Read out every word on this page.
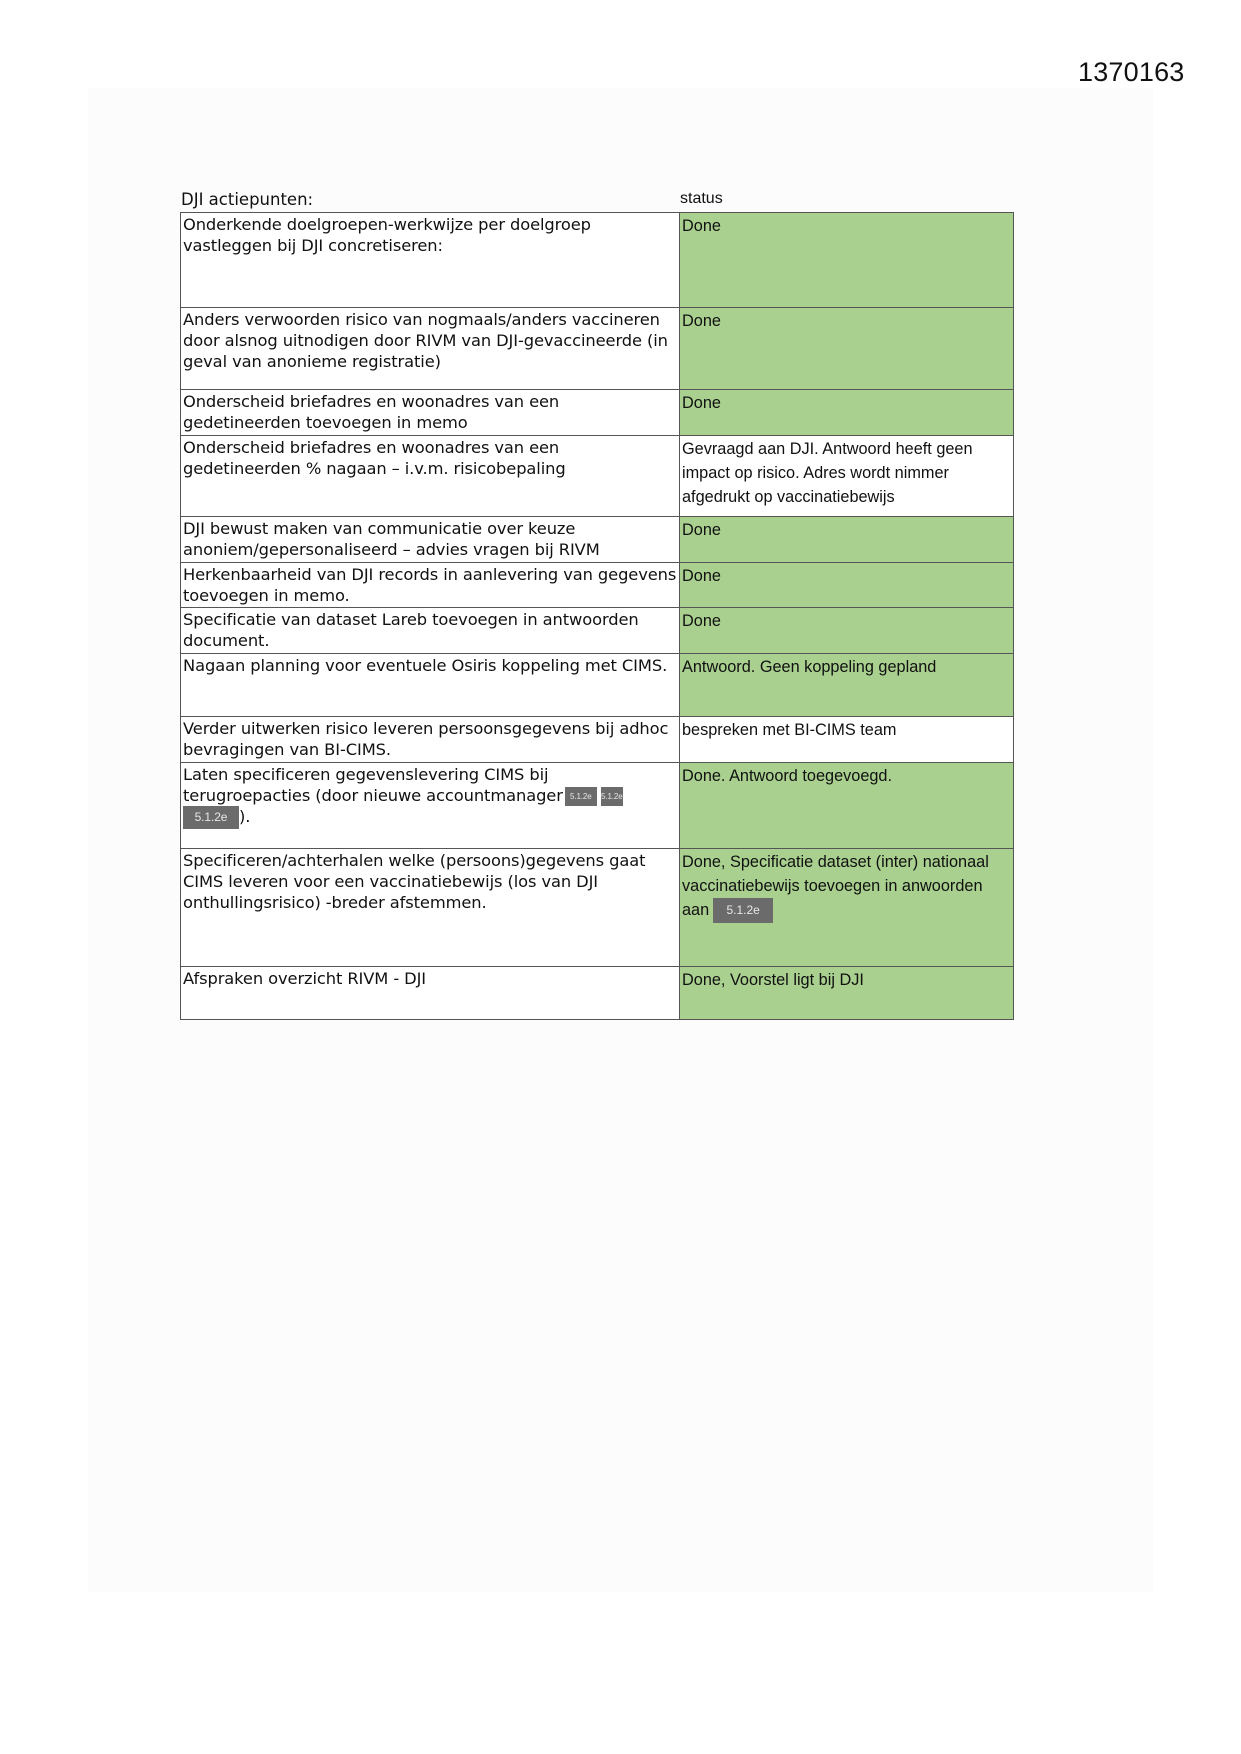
1370163
DJI actiepunten:	status
Onderkende doelgroepen-werkwijze per doelgroep vastleggen bij DJI concretiseren:	Done
Anders verwoorden risico van nogmaals/anders vaccineren door alsnog uitnodigen door RIVM van DJI-gevaccineerde (in geval van anonieme registratie)	Done
Onderscheid briefadres en woonadres van een gedetineerden toevoegen in memo	Done
Onderscheid briefadres en woonadres van een gedetineerden % nagaan – i.v.m. risicobepaling	Gevraagd aan DJI. Antwoord heeft geen impact op risico. Adres wordt nimmer afgedrukt op vaccinatiebewijs
DJI bewust maken van communicatie over keuze anoniem/gepersonaliseerd – advies vragen bij RIVM	Done
Herkenbaarheid van DJI records in aanlevering van gegevens toevoegen in memo.	Done
Specificatie van dataset Lareb toevoegen in antwoorden document.	Done
Nagaan planning voor eventuele Osiris koppeling met CIMS.	Antwoord. Geen koppeling gepland
Verder uitwerken risico leveren persoonsgegevens bij adhoc bevragingen van BI-CIMS.	bespreken met BI-CIMS team
Laten specificeren gegevenslevering CIMS bij terugroepacties (door nieuwe accountmanager 5.1.2e 5.1.2e
5.1.2e ).	Done. Antwoord toegevoegd.
Specificeren/achterhalen welke (persoons)gegevens gaat CIMS leveren voor een vaccinatiebewijs (los van DJI onthullingsrisico) -breder afstemmen.	Done, Specificatie dataset (inter) nationaal vaccinatiebewijs toevoegen in anwoorden aan 5.1.2e
Afspraken overzicht RIVM - DJI	Done, Voorstel ligt bij DJI
